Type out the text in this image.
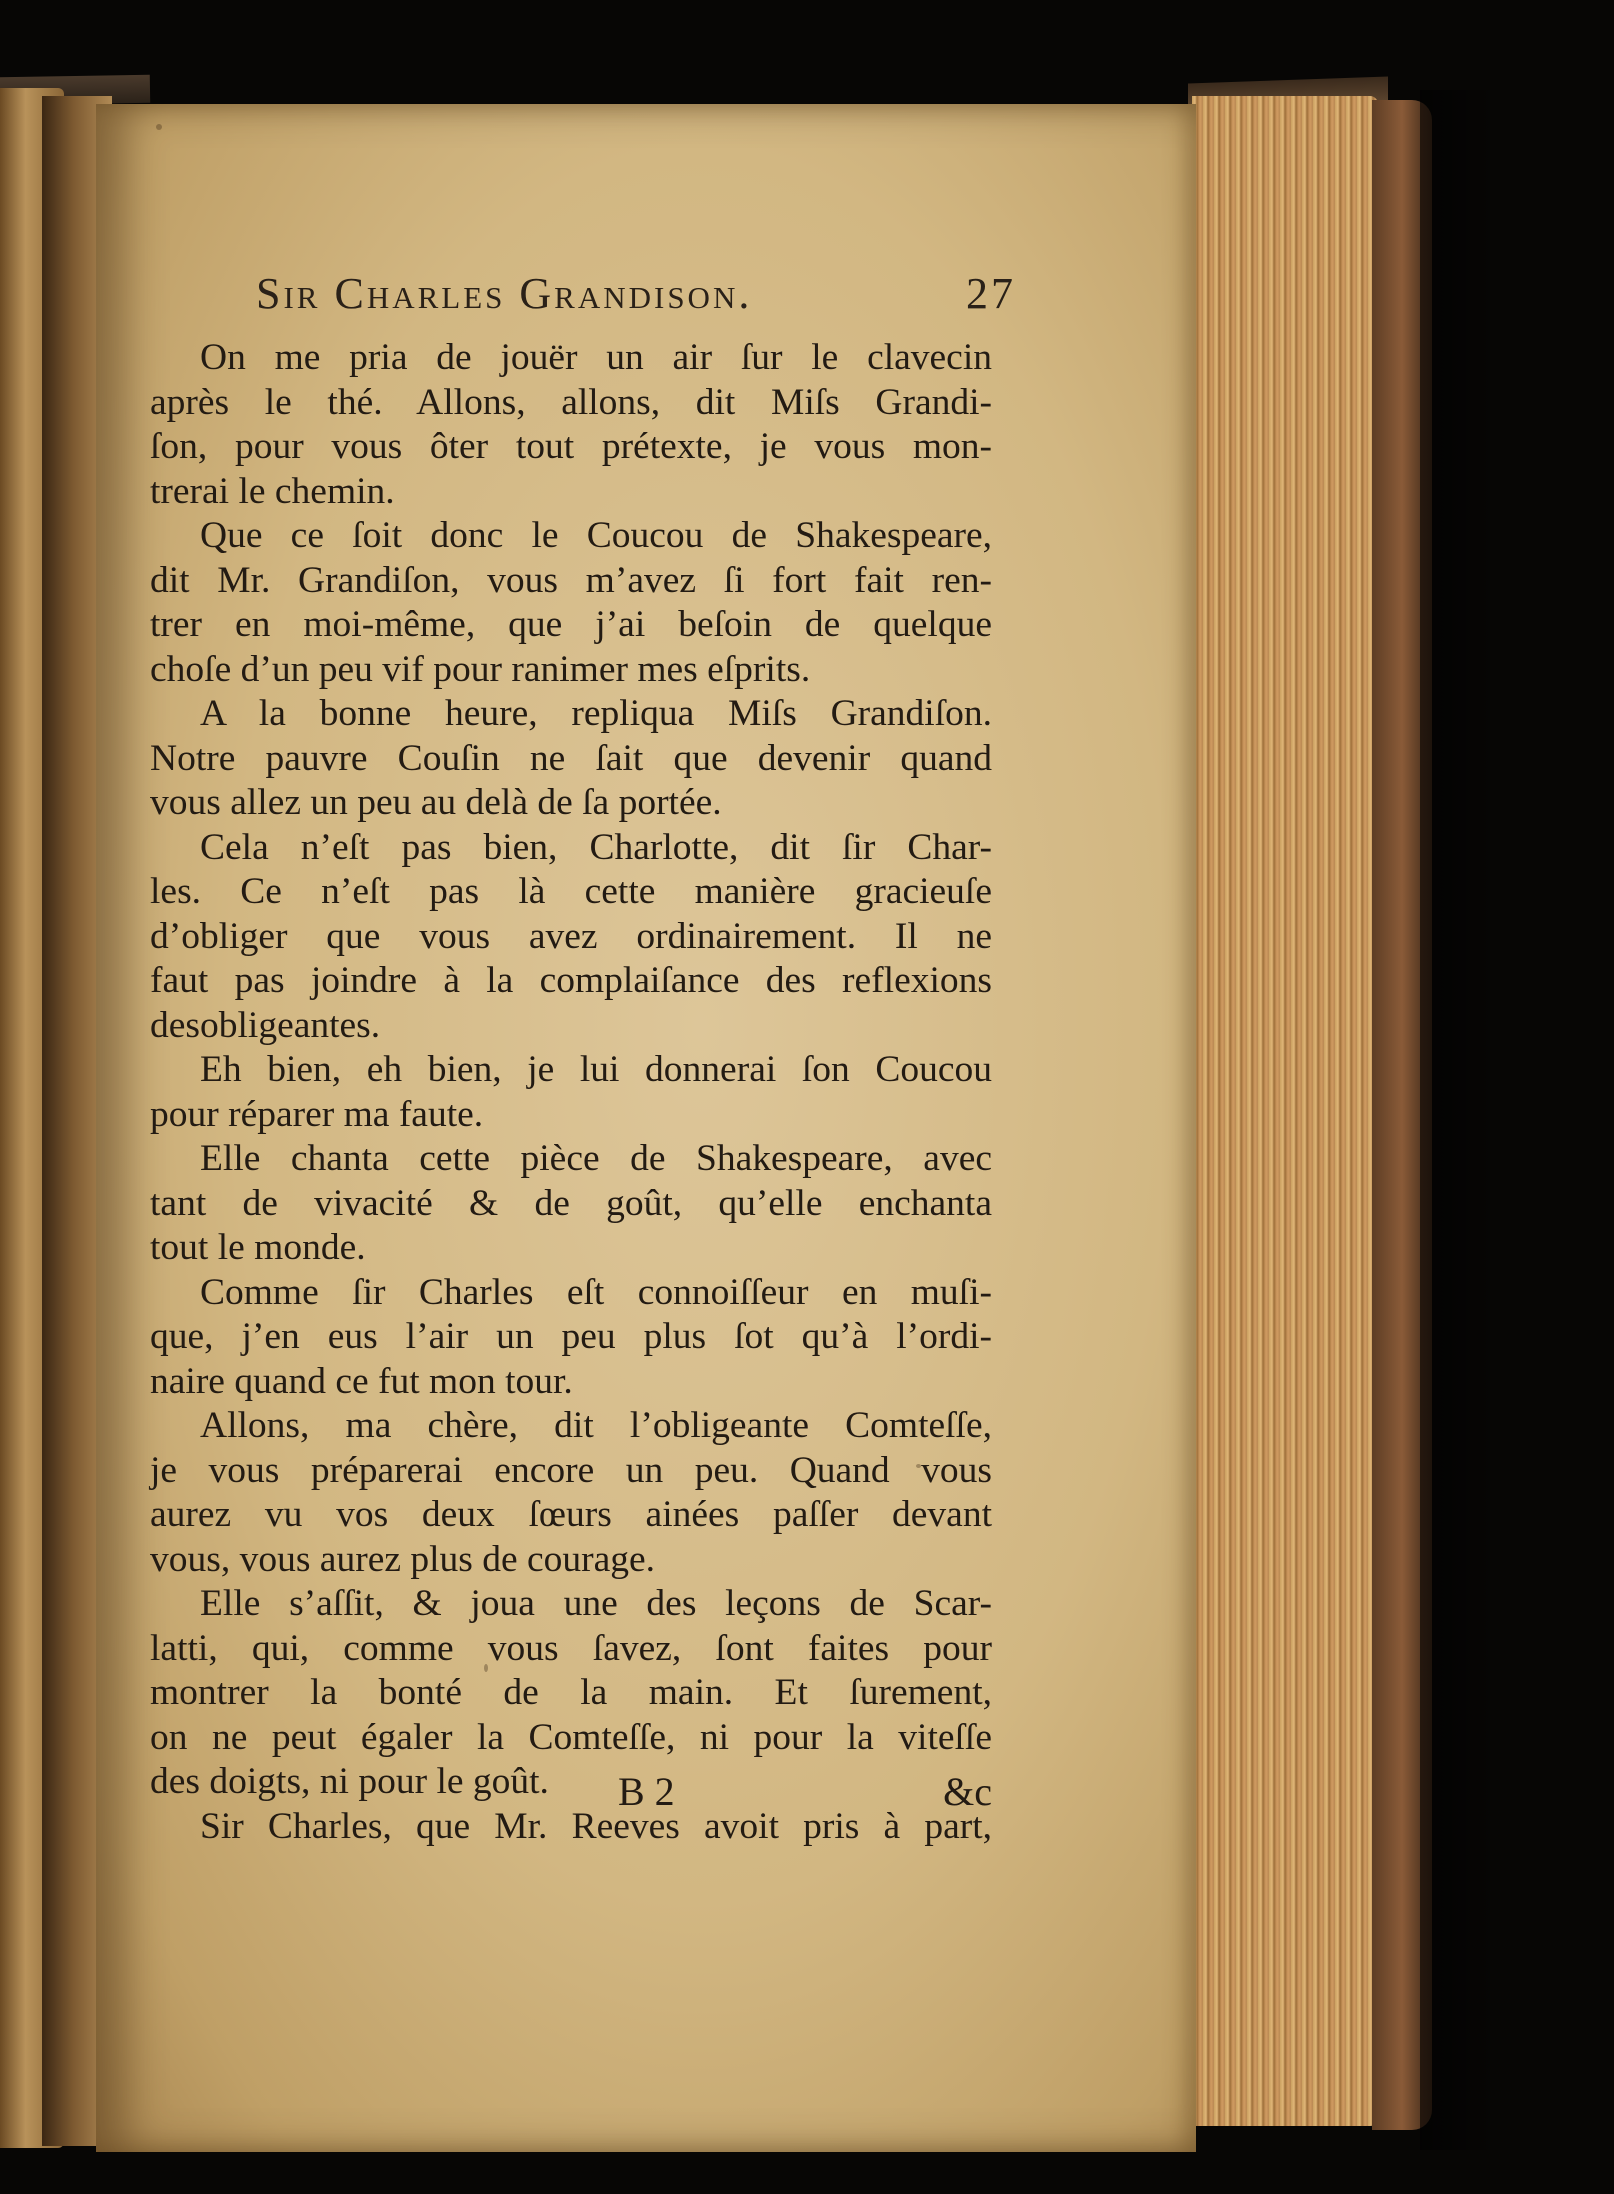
Sir Charles Grandison.	27
On me pria de jouër un air ſur le clavecin
après le thé. Allons, allons, dit Miſs Grandi-
ſon, pour vous ôter tout prétexte, je vous mon-
trerai le chemin.
Que ce ſoit donc le Coucou de Shakespeare,
dit Mr. Grandiſon, vous m’avez ſi fort fait ren-
trer en moi-même, que j’ai beſoin de quelque
choſe d’un peu vif pour ranimer mes eſprits.
A la bonne heure, repliqua Miſs Grandiſon.
Notre pauvre Couſin ne ſait que devenir quand
vous allez un peu au delà de ſa portée.
Cela n’eſt pas bien, Charlotte, dit ſir Char-
les. Ce n’eſt pas là cette manière gracieuſe
d’obliger que vous avez ordinairement. Il ne
faut pas joindre à la complaiſance des reflexions
desobligeantes.
Eh bien, eh bien, je lui donnerai ſon Coucou
pour réparer ma faute.
Elle chanta cette pièce de Shakespeare, avec
tant de vivacité & de goût, qu’elle enchanta
tout le monde.
Comme ſir Charles eſt connoiſſeur en muſi-
que, j’en eus l’air un peu plus ſot qu’à l’ordi-
naire quand ce fut mon tour.
Allons, ma chère, dit l’obligeante Comteſſe,
je vous préparerai encore un peu. Quand vous
aurez vu vos deux ſœurs ainées paſſer devant
vous, vous aurez plus de courage.
Elle s’aſſit, & joua une des leçons de Scar-
latti, qui, comme vous ſavez, ſont faites pour
montrer la bonté de la main. Et ſurement,
on ne peut égaler la Comteſſe, ni pour la viteſſe
des doigts, ni pour le goût.
Sir Charles, que Mr. Reeves avoit pris à part,
B 2	&c
